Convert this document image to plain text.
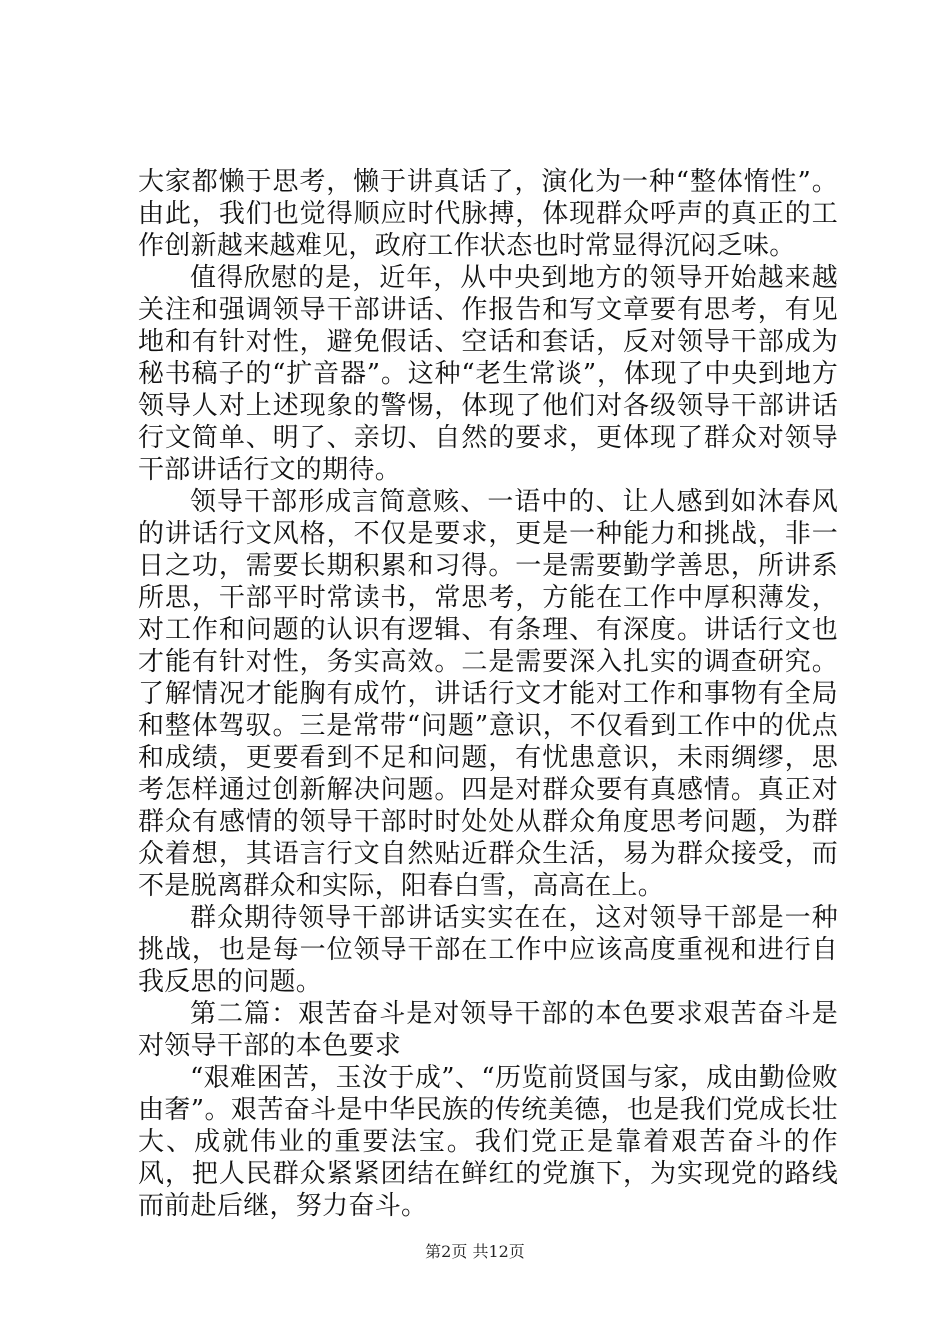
大家都懒于思考，懒于讲真话了，演化为一种“整体惰性”。由此，我们也觉得顺应时代脉搏，体现群众呼声的真正的工作创新越来越难见，政府工作状态也时常显得沉闷乏味。

值得欣慰的是，近年，从中央到地方的领导开始越来越关注和强调领导干部讲话、作报告和写文章要有思考，有见地和有针对性，避免假话、空话和套话，反对领导干部成为秘书稿子的“扩音器”。这种“老生常谈”，体现了中央到地方领导人对上述现象的警惕，体现了他们对各级领导干部讲话行文简单、明了、亲切、自然的要求，更体现了群众对领导干部讲话行文的期待。

领导干部形成言简意赅、一语中的、让人感到如沐春风的讲话行文风格，不仅是要求，更是一种能力和挑战，非一日之功，需要长期积累和习得。一是需要勤学善思，所讲系所思，干部平时常读书，常思考，方能在工作中厚积薄发，对工作和问题的认识有逻辑、有条理、有深度。讲话行文也才能有针对性，务实高效。二是需要深入扎实的调查研究。了解情况才能胸有成竹，讲话行文才能对工作和事物有全局和整体驾驭。三是常带“问题”意识，不仅看到工作中的优点和成绩，更要看到不足和问题，有忧患意识，未雨绸缪，思考怎样通过创新解决问题。四是对群众要有真感情。真正对群众有感情的领导干部时时处处从群众角度思考问题，为群众着想，其语言行文自然贴近群众生活，易为群众接受，而不是脱离群众和实际，阳春白雪，高高在上。

群众期待领导干部讲话实实在在，这对领导干部是一种挑战，也是每一位领导干部在工作中应该高度重视和进行自我反思的问题。

第二篇：艰苦奋斗是对领导干部的本色要求艰苦奋斗是对领导干部的本色要求

“艰难困苦，玉汝于成”、“历览前贤国与家，成由勤俭败由奢”。艰苦奋斗是中华民族的传统美德，也是我们党成长壮大、成就伟业的重要法宝。我们党正是靠着艰苦奋斗的作风，把人民群众紧紧团结在鲜红的党旗下，为实现党的路线而前赴后继，努力奋斗。

第2页 共12页
